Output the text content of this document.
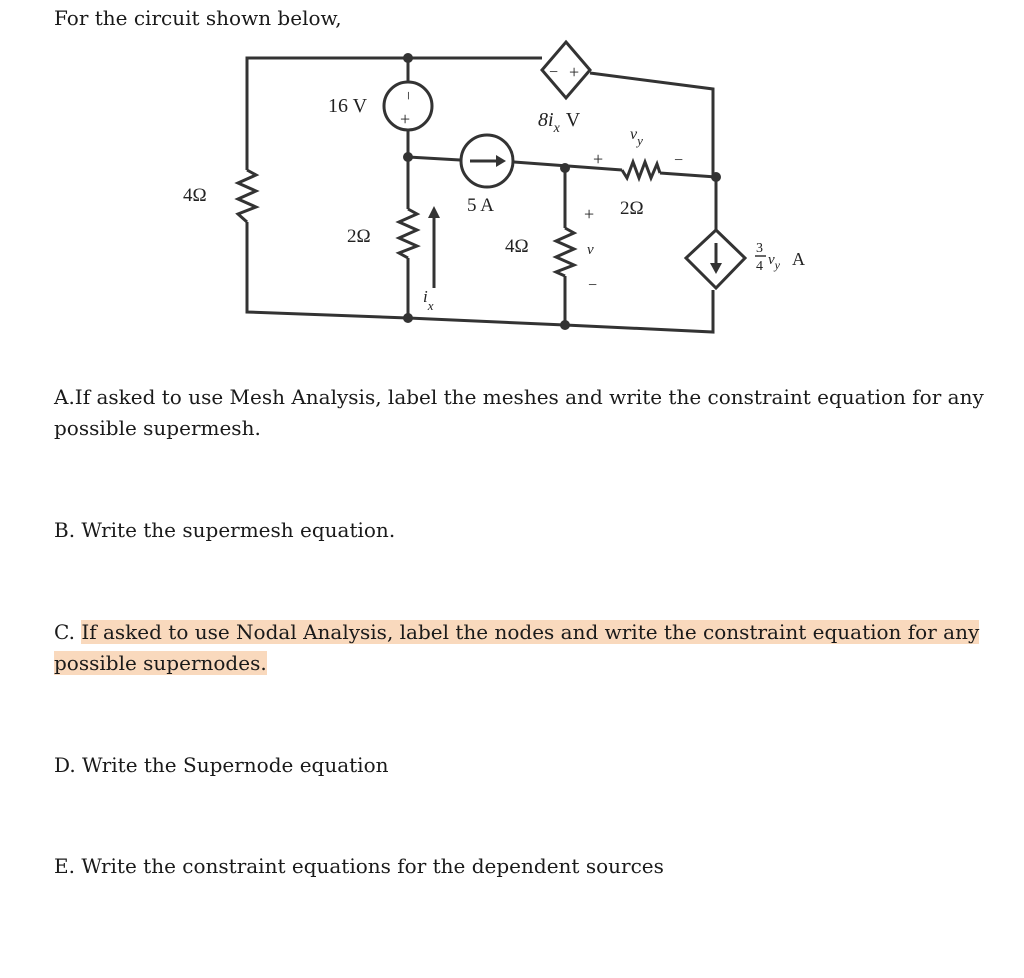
For the circuit shown below,

4Ω
16 V −
+
2Ω
5 A
− +
$8i_x$ V
$v_y$
+	−
2Ω
+
4Ω	v
−
$i_x$
3
4 $v_y$ A

A.If asked to use Mesh Analysis, label the meshes and write the constraint equation for any possible supermesh.

B. Write the supermesh equation.

C. If asked to use Nodal Analysis, label the nodes and write the constraint equation for any possible supernodes.

D. Write the Supernode equation

E. Write the constraint equations for the dependent sources
